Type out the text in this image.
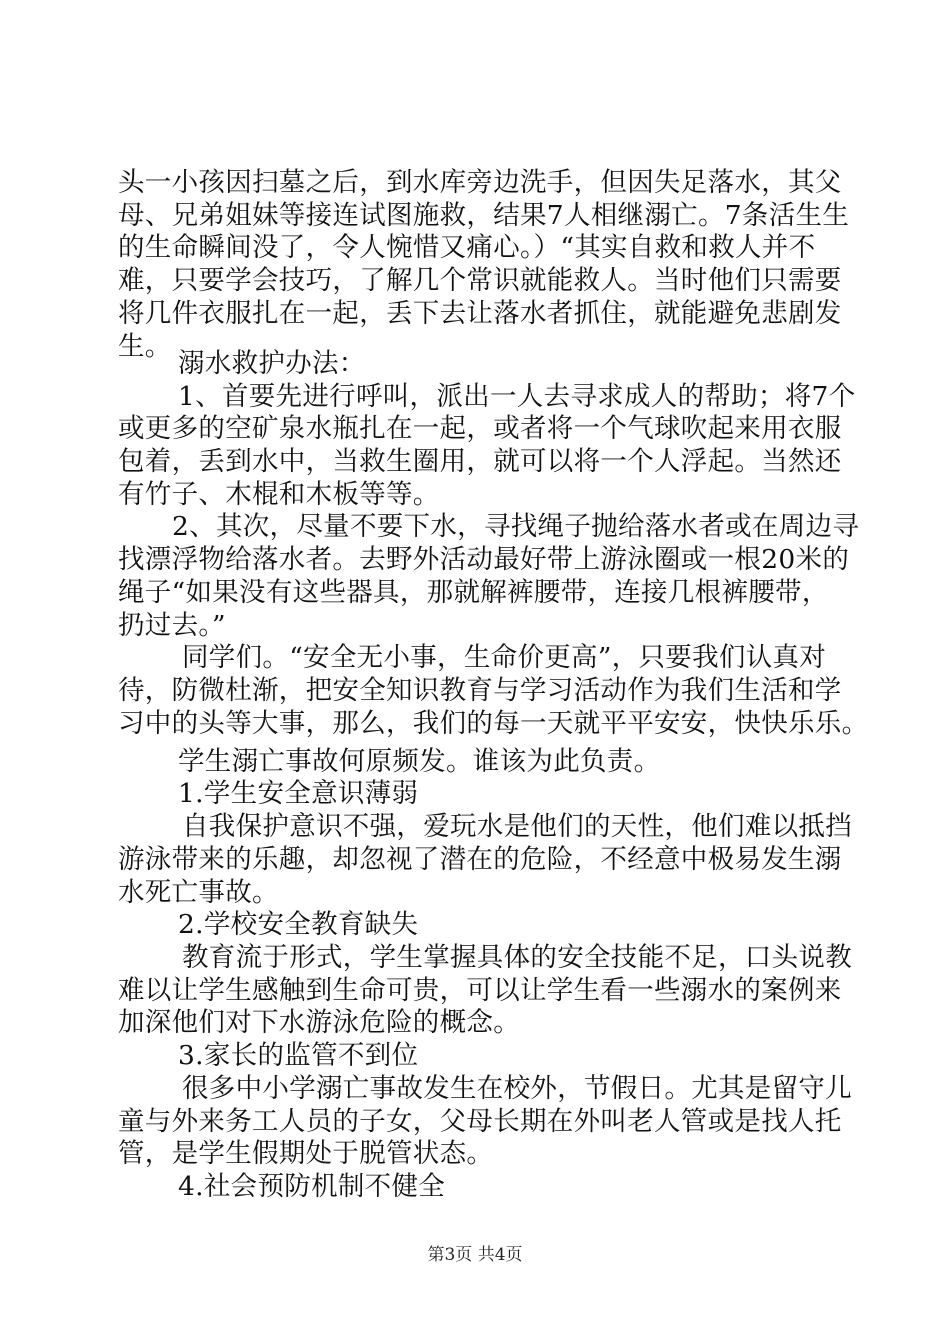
头一小孩因扫墓之后，到水库旁边洗手，但因失足落水，其父
母、兄弟姐妹等接连试图施救，结果7人相继溺亡。7条活生生
的生命瞬间没了，令人惋惜又痛心。）“其实自救和救人并不
难，只要学会技巧，了解几个常识就能救人。当时他们只需要
将几件衣服扎在一起，丢下去让落水者抓住，就能避免悲剧发
生。
溺水救护办法：
1、首要先进行呼叫，派出一人去寻求成人的帮助；将7个
或更多的空矿泉水瓶扎在一起，或者将一个气球吹起来用衣服
包着，丢到水中，当救生圈用，就可以将一个人浮起。当然还
有竹子、木棍和木板等等。
2、其次，尽量不要下水，寻找绳子抛给落水者或在周边寻
找漂浮物给落水者。去野外活动最好带上游泳圈或一根20米的
绳子“如果没有这些器具，那就解裤腰带，连接几根裤腰带，
扔过去。”
同学们。“安全无小事，生命价更高”，只要我们认真对
待，防微杜渐，把安全知识教育与学习活动作为我们生活和学
习中的头等大事，那么，我们的每一天就平平安安，快快乐乐。
学生溺亡事故何原频发。谁该为此负责。
1.学生安全意识薄弱
自我保护意识不强，爱玩水是他们的天性，他们难以抵挡
游泳带来的乐趣，却忽视了潜在的危险，不经意中极易发生溺
水死亡事故。
2.学校安全教育缺失
教育流于形式，学生掌握具体的安全技能不足，口头说教
难以让学生感触到生命可贵，可以让学生看一些溺水的案例来
加深他们对下水游泳危险的概念。
3.家长的监管不到位
很多中小学溺亡事故发生在校外，节假日。尤其是留守儿
童与外来务工人员的子女，父母长期在外叫老人管或是找人托
管，是学生假期处于脱管状态。
4.社会预防机制不健全
第3页 共4页
